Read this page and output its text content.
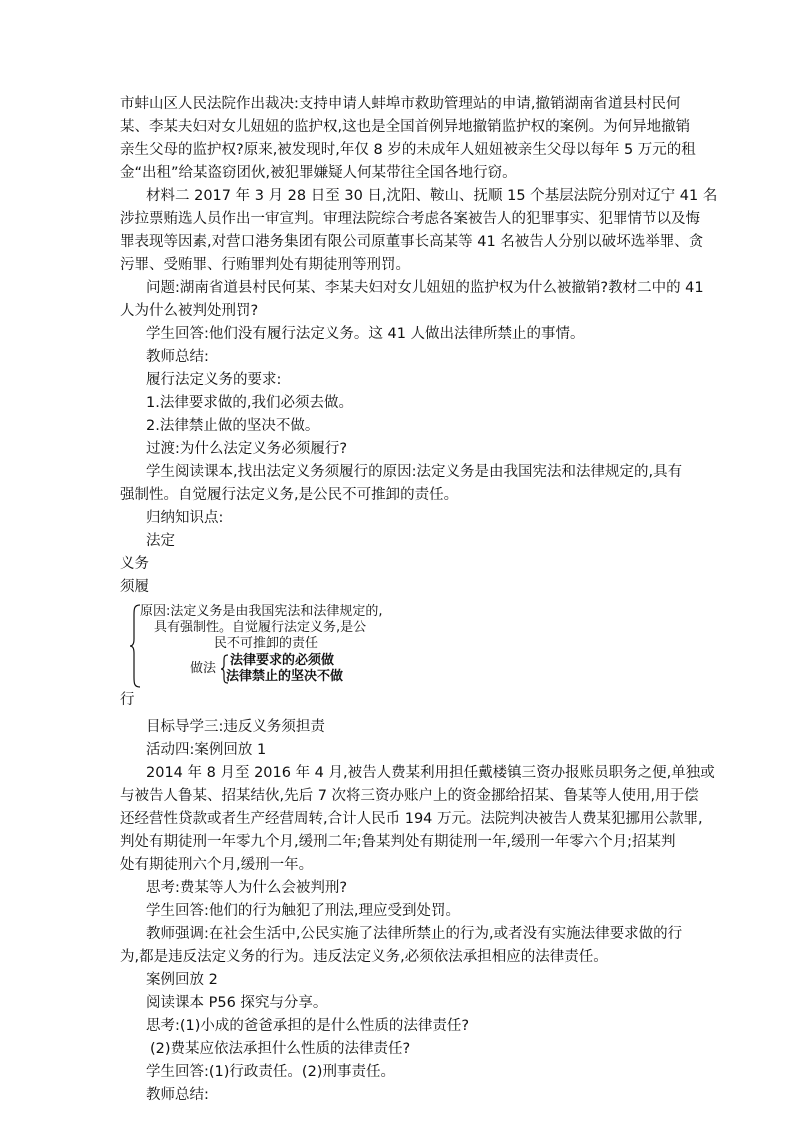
市蚌山区人民法院作出裁决:支持申请人蚌埠市救助管理站的申请,撤销湖南省道县村民何
某、李某夫妇对女儿妞妞的监护权,这也是全国首例异地撤销监护权的案例。为何异地撤销
亲生父母的监护权?原来,被发现时,年仅 8 岁的未成年人妞妞被亲生父母以每年 5 万元的租
金“出租”给某盗窃团伙,被犯罪嫌疑人何某带往全国各地行窃。
材料二 2017 年 3 月 28 日至 30 日,沈阳、鞍山、抚顺 15 个基层法院分别对辽宁 41 名
涉拉票贿选人员作出一审宣判。审理法院综合考虑各案被告人的犯罪事实、犯罪情节以及悔
罪表现等因素,对营口港务集团有限公司原董事长高某等 41 名被告人分别以破坏选举罪、贪
污罪、受贿罪、行贿罪判处有期徒刑等刑罚。
问题:湖南省道县村民何某、李某夫妇对女儿妞妞的监护权为什么被撤销?教材二中的 41
人为什么被判处刑罚?
学生回答:他们没有履行法定义务。这 41 人做出法律所禁止的事情。
教师总结:
履行法定义务的要求:
1.法律要求做的,我们必须去做。
2.法律禁止做的坚决不做。
过渡:为什么法定义务必须履行?
学生阅读课本,找出法定义务须履行的原因:法定义务是由我国宪法和法律规定的,具有
强制性。自觉履行法定义务,是公民不可推卸的责任。
归纳知识点:
法定
义务
须履
原因:法定义务是由我国宪法和法律规定的,
具有强制性。自觉履行法定义务,是公
民不可推卸的责任
做法
法律要求的必须做
法律禁止的坚决不做
行
目标导学三:违反义务须担责
活动四:案例回放 1
2014 年 8 月至 2016 年 4 月,被告人费某利用担任戴楼镇三资办报账员职务之便,单独或
与被告人鲁某、招某结伙,先后 7 次将三资办账户上的资金挪给招某、鲁某等人使用,用于偿
还经营性贷款或者生产经营周转,合计人民币 194 万元。法院判决被告人费某犯挪用公款罪,
判处有期徒刑一年零九个月,缓刑二年;鲁某判处有期徒刑一年,缓刑一年零六个月;招某判
处有期徒刑六个月,缓刑一年。
思考:费某等人为什么会被判刑?
学生回答:他们的行为触犯了刑法,理应受到处罚。
教师强调:在社会生活中,公民实施了法律所禁止的行为,或者没有实施法律要求做的行
为,都是违反法定义务的行为。违反法定义务,必须依法承担相应的法律责任。
案例回放 2
阅读课本 P56 探究与分享。
思考:(1)小成的爸爸承担的是什么性质的法律责任?
(2)费某应依法承担什么性质的法律责任?
学生回答:(1)行政责任。(2)刑事责任。
教师总结:
